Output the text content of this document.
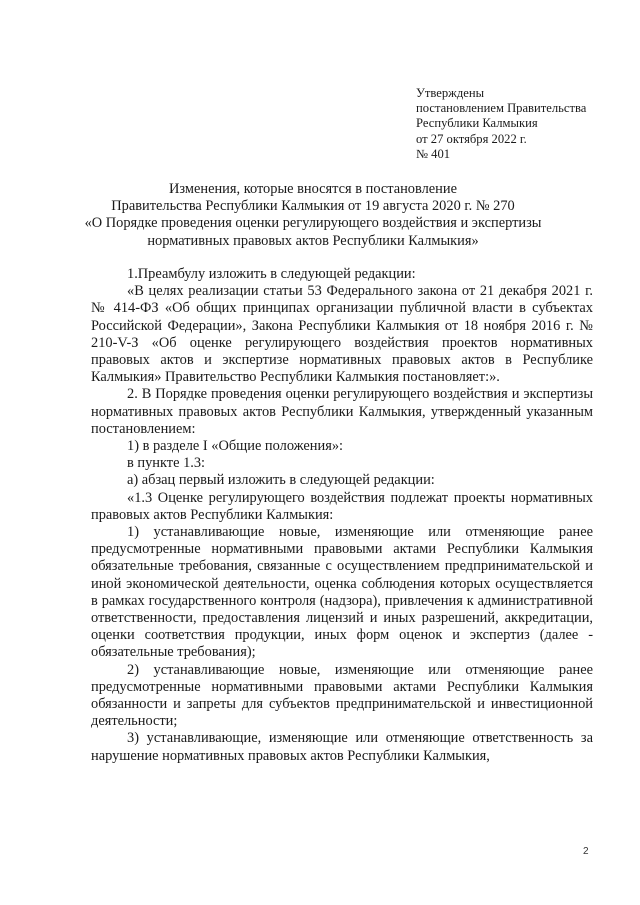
Утверждены
постановлением Правительства
Республики Калмыкия
от 27 октября 2022 г.
№ 401
Изменения, которые вносятся в постановление
Правительства Республики Калмыкия от 19 августа 2020 г. № 270
«О Порядке проведения оценки регулирующего воздействия и экспертизы
нормативных правовых актов Республики Калмыкия»

1.Преамбулу изложить в следующей редакции:

«В целях реализации статьи 53 Федерального закона от 21 декабря 2021 г. № 414-ФЗ «Об общих принципах организации публичной власти в субъектах Российской Федерации», Закона Республики Калмыкия от 18 ноября 2016 г. № 210-V-З «Об оценке регулирующего воздействия проектов нормативных правовых актов и экспертизе нормативных правовых актов в Республике Калмыкия» Правительство Республики Калмыкия постановляет:».

2. В Порядке проведения оценки регулирующего воздействия и экспертизы нормативных правовых актов Республики Калмыкия, утвержденный указанным постановлением:

1) в разделе I «Общие положения»:

в пункте 1.3:

а) абзац первый изложить в следующей редакции:

«1.3 Оценке регулирующего воздействия подлежат проекты нормативных правовых актов Республики Калмыкия:

1) устанавливающие новые, изменяющие или отменяющие ранее предусмотренные нормативными правовыми актами Республики Калмыкия обязательные требования, связанные с осуществлением предпринимательской и иной экономической деятельности, оценка соблюдения которых осуществляется в рамках государственного контроля (надзора), привлечения к административной ответственности, предоставления лицензий и иных разрешений, аккредитации, оценки соответствия продукции, иных форм оценок и экспертиз (далее - обязательные требования);

2) устанавливающие новые, изменяющие или отменяющие ранее предусмотренные нормативными правовыми актами Республики Калмыкия обязанности и запреты для субъектов предпринимательской и инвестиционной деятельности;

3) устанавливающие, изменяющие или отменяющие ответственность за нарушение нормативных правовых актов Республики Калмыкия,

2
